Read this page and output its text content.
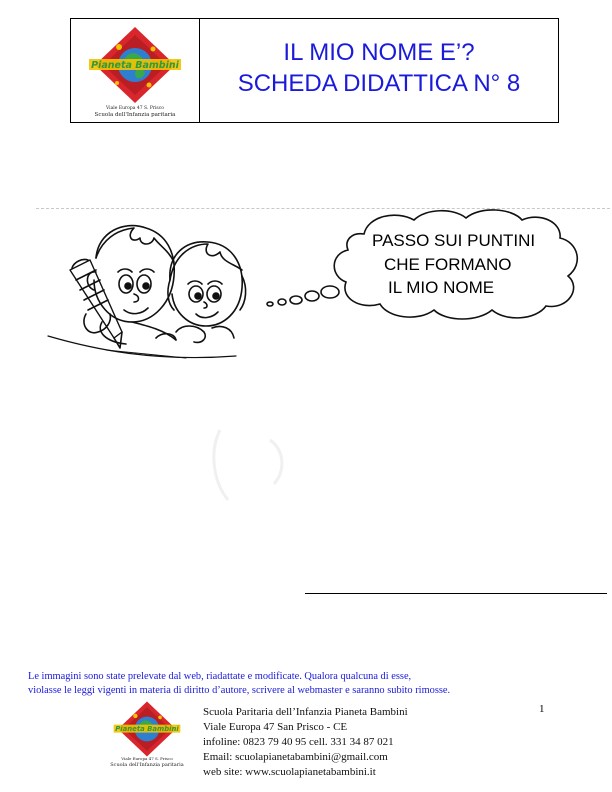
Pianeta Bambini
Viale Europa 47 S. Prisco
Scuola dell'Infanzia paritaria
IL MIO NOME E’?
SCHEDA DIDATTICA N° 8
PASSO SUI PUNTINI
CHE FORMANO
IL MIO NOME
Le immagini sono state prelevate dal web, riadattate e modificate. Qualora qualcuna di esse,
violasse le leggi vigenti in materia di diritto d’autore, scrivere al webmaster e saranno subito rimosse.
1
Pianeta Bambini
Viale Europa 47 S. Prisco
Scuola dell'Infanzia paritaria
Scuola Paritaria dell’Infanzia Pianeta Bambini
Viale Europa 47 San Prisco - CE
infoline: 0823 79 40 95 cell. 331 34 87 021
Email: scuolapianetabambini@gmail.com
web site: www.scuolapianetabambini.it
